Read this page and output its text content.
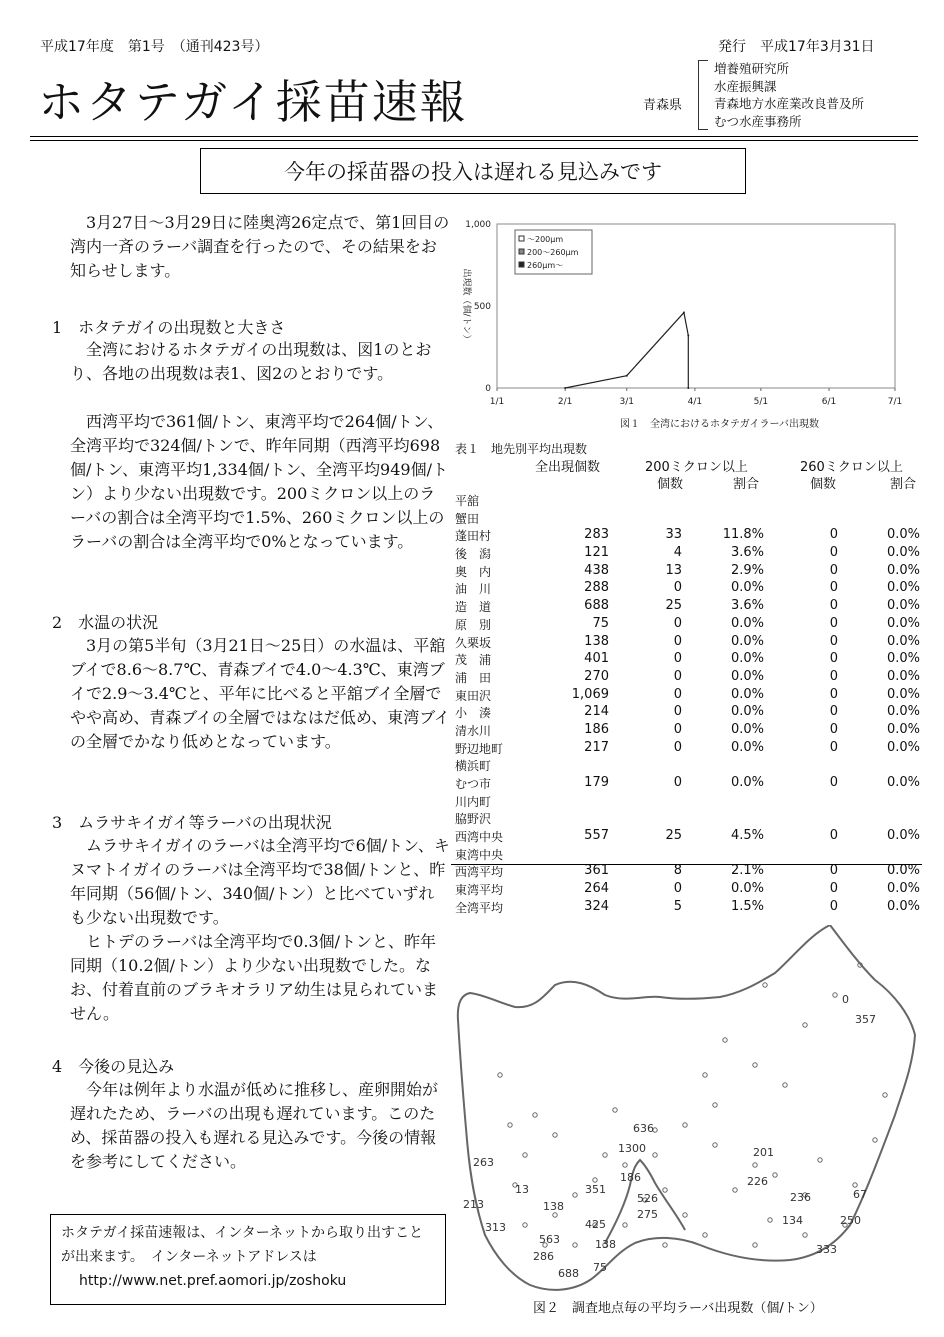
平成17年度　第1号　（通刊423号）	発行　平成17年3月31日
ホタテガイ採苗速報	青森県
増養殖研究所
水産振興課
青森地方水産業改良普及所
むつ水産事務所
今年の採苗器の投入は遅れる見込みです
3月27日～3月29日に陸奥湾26定点で、第1回目の湾内一斉のラーバ調査を行ったので、その結果をお知らせします。
1　ホタテガイの出現数と大きさ
全湾におけるホタテガイの出現数は、図1のとおり、各地の出現数は表1、図2のとおりです。
西湾平均で361個/トン、東湾平均で264個/トン、全湾平均で324個/トンで、昨年同期（西湾平均698個/トン、東湾平均1,334個/トン、全湾平均949個/トン）より少ない出現数です。200ミクロン以上のラーバの割合は全湾平均で1.5%、260ミクロン以上のラーバの割合は全湾平均で0%となっています。
2　水温の状況
3月の第5半旬（3月21日～25日）の水温は、平舘ブイで8.6～8.7℃、青森ブイで4.0～4.3℃、東湾ブイで2.9～3.4℃と、平年に比べると平舘ブイ全層でやや高め、青森ブイの全層ではなはだ低め、東湾ブイの全層でかなり低めとなっています。
3　ムラサキイガイ等ラーバの出現状況
ムラサキイガイのラーバは全湾平均で6個/トン、キヌマトイガイのラーバは全湾平均で38個/トンと、昨年同期（56個/トン、340個/トン）と比べていずれも少ない出現数です。
ヒトデのラーバは全湾平均で0.3個/トンと、昨年同期（10.2個/トン）より少ない出現数でした。なお、付着直前のブラキオラリア幼生は見られていません。
4　今後の見込み
今年は例年より水温が低めに推移し、産卵開始が遅れたため、ラーバの出現も遅れています。このため、採苗器の投入も遅れる見込みです。今後の情報を参考にしてください。
ホタテガイ採苗速報は、インターネットから取り出すことが出来ます。　インターネットアドレスは
http://www.net.pref.aomori.jp/zoshoku
1/1	2/1	3/1	4/1	5/1	6/1	7/1
0
500
1,000
出現数（個/トン）
～200μm
200～260μm
260μm～
図１　全湾におけるホタテガイラーバ出現数
表１　地先別平均出現数
全出現個数	200ミクロン以上	260ミクロン以上
個数	割合	個数	割合
平舘
蟹田
蓬田村	283	33	11.8%	0	0.0%
後　潟	121	4	3.6%	0	0.0%
奥　内	438	13	2.9%	0	0.0%
油　川	288	0	0.0%	0	0.0%
造　道	688	25	3.6%	0	0.0%
原　別	75	0	0.0%	0	0.0%
久栗坂	138	0	0.0%	0	0.0%
茂　浦	401	0	0.0%	0	0.0%
浦　田	270	0	0.0%	0	0.0%
東田沢	1,069	0	0.0%	0	0.0%
小　湊	214	0	0.0%	0	0.0%
清水川	186	0	0.0%	0	0.0%
野辺地町	217	0	0.0%	0	0.0%
横浜町
むつ市	179	0	0.0%	0	0.0%
川内町
脇野沢
西湾中央	557	25	4.5%	0	0.0%
東湾中央
西湾平均	361	8	2.1%	0	0.0%
東湾平均	264	0	0.0%	0	0.0%
全湾平均	324	5	1.5%	0	0.0%
0
357
636
1300	201
226
263
13	351
186
526
275
236	67
213	138
425	134	250
313
563	138	333
286
75
688
図２　調査地点毎の平均ラーバ出現数（個/トン）
